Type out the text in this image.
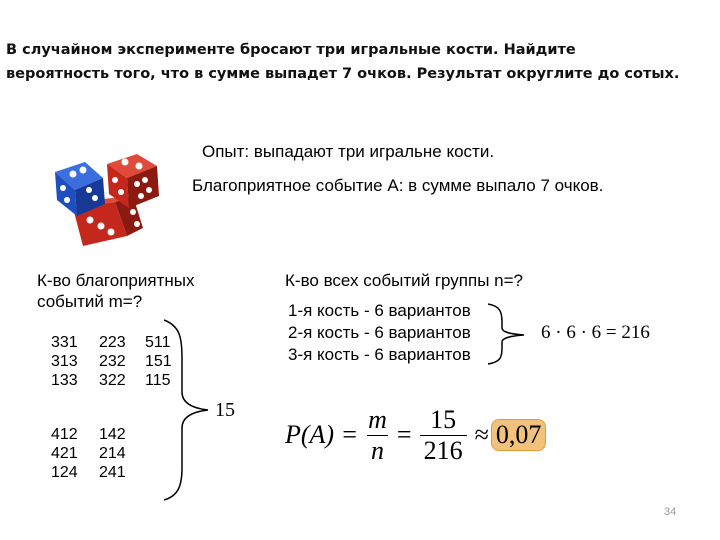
В случайном эксперименте бросают три игральные кости. Найдите
вероятность того, что в сумме выпадет 7 очков. Результат округлите до сотых.
Опыт: выпадают три игральне кости.
Благоприятное событие A: в сумме выпало 7 очков.
К-во благоприятных
событий m=?
331 223 511
313 232 151
133 322 115
412 142
421 214
124 241
15
К-во всех событий группы n=?
1-я кость - 6 вариантов
2-я кость - 6 вариантов
3-я кость - 6 вариантов
6 · 6 · 6 = 216
$P(A) = \frac{m}{n} = \frac{15}{216} \approx 0,07$
34
